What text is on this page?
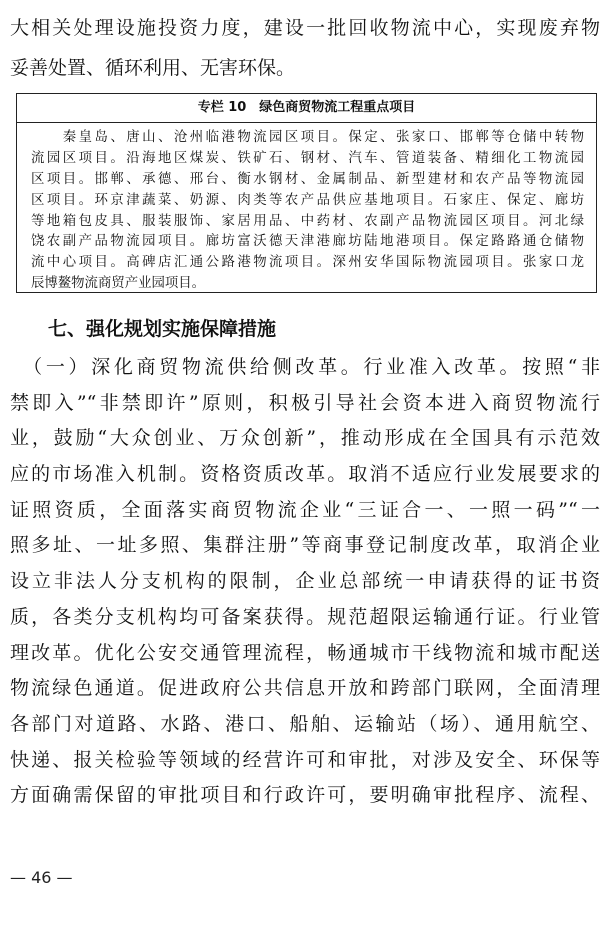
大相关处理设施投资力度，建设一批回收物流中心，实现废弃物
妥善处置、循环利用、无害环保。
专栏 10　绿色商贸物流工程重点项目
　　秦皇岛、唐山、沧州临港物流园区项目。保定、张家口、邯郸等仓储中转物
流园区项目。沿海地区煤炭、铁矿石、钢材、汽车、管道装备、精细化工物流园
区项目。邯郸、承德、邢台、衡水钢材、金属制品、新型建材和农产品等物流园
区项目。环京津蔬菜、奶源、肉类等农产品供应基地项目。石家庄、保定、廊坊
等地箱包皮具、服装服饰、家居用品、中药材、农副产品物流园区项目。河北绿
饶农副产品物流园项目。廊坊富沃德天津港廊坊陆地港项目。保定路路通仓储物
流中心项目。高碑店汇通公路港物流项目。深州安华国际物流园项目。张家口龙
辰博鳌物流商贸产业园项目。
七、强化规划实施保障措施
　（一）深化商贸物流供给侧改革。行业准入改革。按照“非
禁即入”“非禁即许”原则，积极引导社会资本进入商贸物流行
业，鼓励“大众创业、万众创新”，推动形成在全国具有示范效
应的市场准入机制。资格资质改革。取消不适应行业发展要求的
证照资质，全面落实商贸物流企业“三证合一、一照一码”“一
照多址、一址多照、集群注册”等商事登记制度改革，取消企业
设立非法人分支机构的限制，企业总部统一申请获得的证书资
质，各类分支机构均可备案获得。规范超限运输通行证。行业管
理改革。优化公安交通管理流程，畅通城市干线物流和城市配送
物流绿色通道。促进政府公共信息开放和跨部门联网，全面清理
各部门对道路、水路、港口、船舶、运输站（场）、通用航空、
快递、报关检验等领域的经营许可和审批，对涉及安全、环保等
方面确需保留的审批项目和行政许可，要明确审批程序、流程、
— 46 —
